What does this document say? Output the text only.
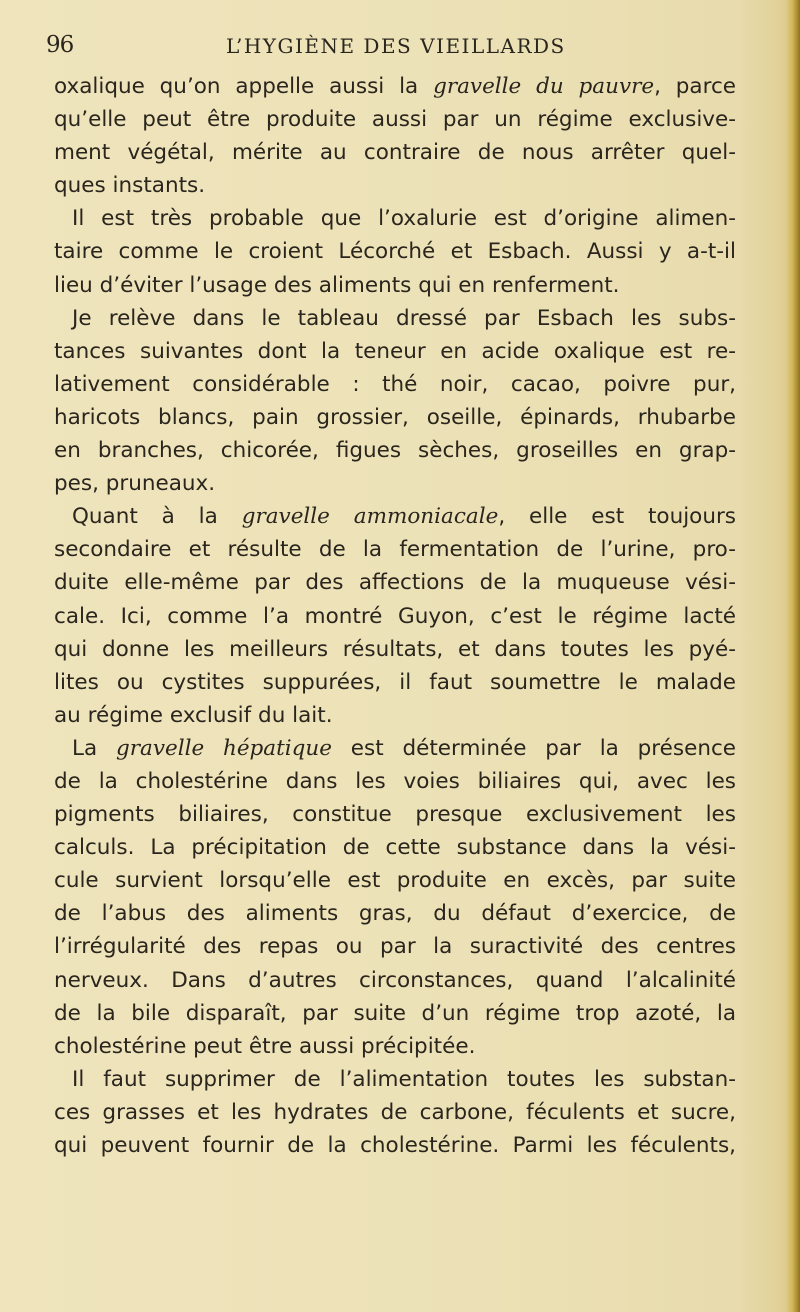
96	L’HYGIÈNE DES VIEILLARDS
oxalique qu’on appelle aussi la gravelle du pauvre, parce
qu’elle peut être produite aussi par un régime exclusive-
ment végétal, mérite au contraire de nous arrêter quel-
ques instants.
Il est très probable que l’oxalurie est d’origine alimen-
taire comme le croient Lécorché et Esbach. Aussi y a-t-il
lieu d’éviter l’usage des aliments qui en renferment.
Je relève dans le tableau dressé par Esbach les subs-
tances suivantes dont la teneur en acide oxalique est re-
lativement considérable : thé noir, cacao, poivre pur,
haricots blancs, pain grossier, oseille, épinards, rhubarbe
en branches, chicorée, figues sèches, groseilles en grap-
pes, pruneaux.
Quant à la gravelle ammoniacale, elle est toujours
secondaire et résulte de la fermentation de l’urine, pro-
duite elle-même par des affections de la muqueuse vési-
cale. Ici, comme l’a montré Guyon, c’est le régime lacté
qui donne les meilleurs résultats, et dans toutes les pyé-
lites ou cystites suppurées, il faut soumettre le malade
au régime exclusif du lait.
La gravelle hépatique est déterminée par la présence
de la cholestérine dans les voies biliaires qui, avec les
pigments biliaires, constitue presque exclusivement les
calculs. La précipitation de cette substance dans la vési-
cule survient lorsqu’elle est produite en excès, par suite
de l’abus des aliments gras, du défaut d’exercice, de
l’irrégularité des repas ou par la suractivité des centres
nerveux. Dans d’autres circonstances, quand l’alcalinité
de la bile disparaît, par suite d’un régime trop azoté, la
cholestérine peut être aussi précipitée.
Il faut supprimer de l’alimentation toutes les substan-
ces grasses et les hydrates de carbone, féculents et sucre,
qui peuvent fournir de la cholestérine. Parmi les féculents,
